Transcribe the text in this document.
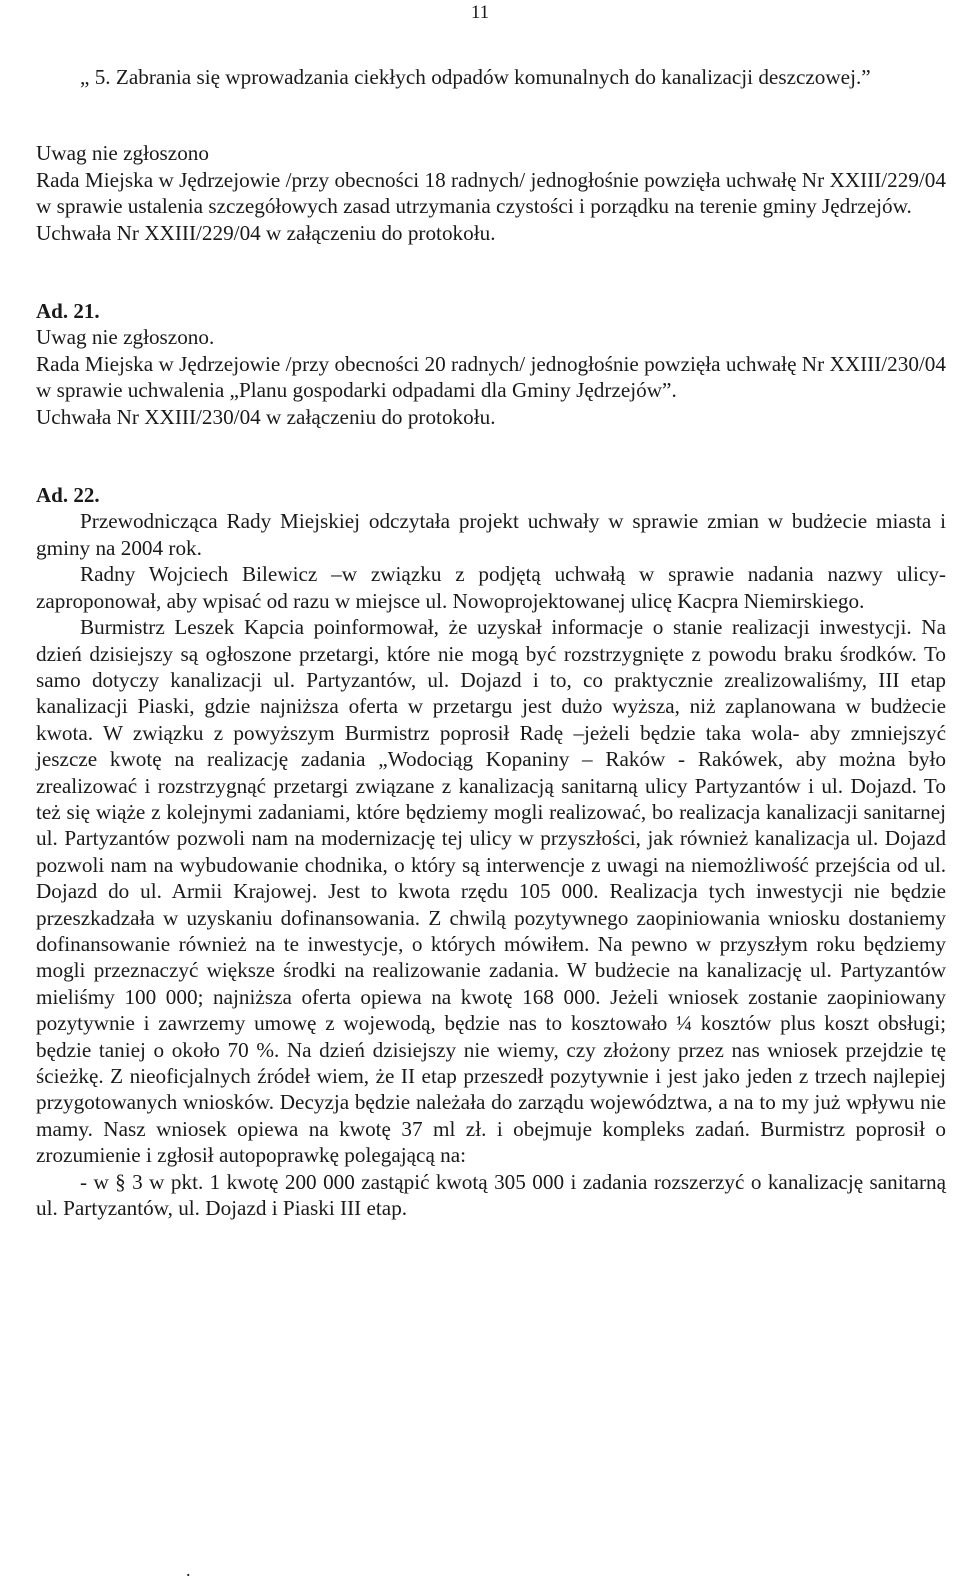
11

„ 5. Zabrania się wprowadzania ciekłych odpadów komunalnych do kanalizacji deszczowej.”

Uwag nie zgłoszono

Rada Miejska w Jędrzejowie /przy obecności 18 radnych/ jednogłośnie powzięła uchwałę Nr XXIII/229/04 w sprawie ustalenia szczegółowych zasad utrzymania czystości i porządku na terenie gminy Jędrzejów.

Uchwała Nr XXIII/229/04 w załączeniu do protokołu.

Ad. 21.

Uwag nie zgłoszono.

Rada Miejska w Jędrzejowie /przy obecności 20 radnych/ jednogłośnie powzięła uchwałę Nr XXIII/230/04 w sprawie uchwalenia „Planu gospodarki odpadami dla Gminy Jędrzejów”.

Uchwała Nr XXIII/230/04 w załączeniu do protokołu.

Ad. 22.

Przewodnicząca Rady Miejskiej odczytała projekt uchwały w sprawie zmian w budżecie miasta i gminy na 2004 rok.

Radny Wojciech Bilewicz –w związku z podjętą uchwałą w sprawie nadania nazwy ulicy- zaproponował, aby wpisać od razu w miejsce ul. Nowoprojektowanej ulicę Kacpra Niemirskiego.

Burmistrz Leszek Kapcia poinformował, że uzyskał informacje o stanie realizacji inwestycji. Na dzień dzisiejszy są ogłoszone przetargi, które nie mogą być rozstrzygnięte z powodu braku środków. To samo dotyczy kanalizacji ul. Partyzantów, ul. Dojazd i to, co praktycznie zrealizowaliśmy, III etap kanalizacji Piaski, gdzie najniższa oferta w przetargu jest dużo wyższa, niż zaplanowana w budżecie kwota. W związku z powyższym Burmistrz poprosił Radę –jeżeli będzie taka wola- aby zmniejszyć jeszcze kwotę na realizację zadania „Wodociąg Kopaniny – Raków - Rakówek, aby można było zrealizować i rozstrzygnąć przetargi związane z kanalizacją sanitarną ulicy Partyzantów i ul. Dojazd. To też się wiąże z kolejnymi zadaniami, które będziemy mogli realizować, bo realizacja kanalizacji sanitarnej ul. Partyzantów pozwoli nam na modernizację tej ulicy w przyszłości, jak również kanalizacja ul. Dojazd pozwoli nam na wybudowanie chodnika, o który są interwencje z uwagi na niemożliwość przejścia od ul. Dojazd do ul. Armii Krajowej. Jest to kwota rzędu 105 000. Realizacja tych inwestycji nie będzie przeszkadzała w uzyskaniu dofinansowania. Z chwilą pozytywnego zaopiniowania wniosku dostaniemy dofinansowanie również na te inwestycje, o których mówiłem. Na pewno w przyszłym roku będziemy mogli przeznaczyć większe środki na realizowanie zadania. W budżecie na kanalizację ul. Partyzantów mieliśmy 100 000; najniższa oferta opiewa na kwotę 168 000. Jeżeli wniosek zostanie zaopiniowany pozytywnie i zawrzemy umowę z wojewodą, będzie nas to kosztowało ¼ kosztów plus koszt obsługi; będzie taniej o około 70 %. Na dzień dzisiejszy nie wiemy, czy złożony przez nas wniosek przejdzie tę ścieżkę. Z nieoficjalnych źródeł wiem, że II etap przeszedł pozytywnie i jest jako jeden z trzech najlepiej przygotowanych wniosków. Decyzja będzie należała do zarządu województwa, a na to my już wpływu nie mamy. Nasz wniosek opiewa na kwotę 37 ml zł. i obejmuje kompleks zadań. Burmistrz poprosił o zrozumienie i zgłosił autopoprawkę polegającą na:

- w § 3 w pkt. 1 kwotę 200 000 zastąpić kwotą 305 000 i zadania rozszerzyć o kanalizację sanitarną ul. Partyzantów, ul. Dojazd i Piaski III etap.

.
